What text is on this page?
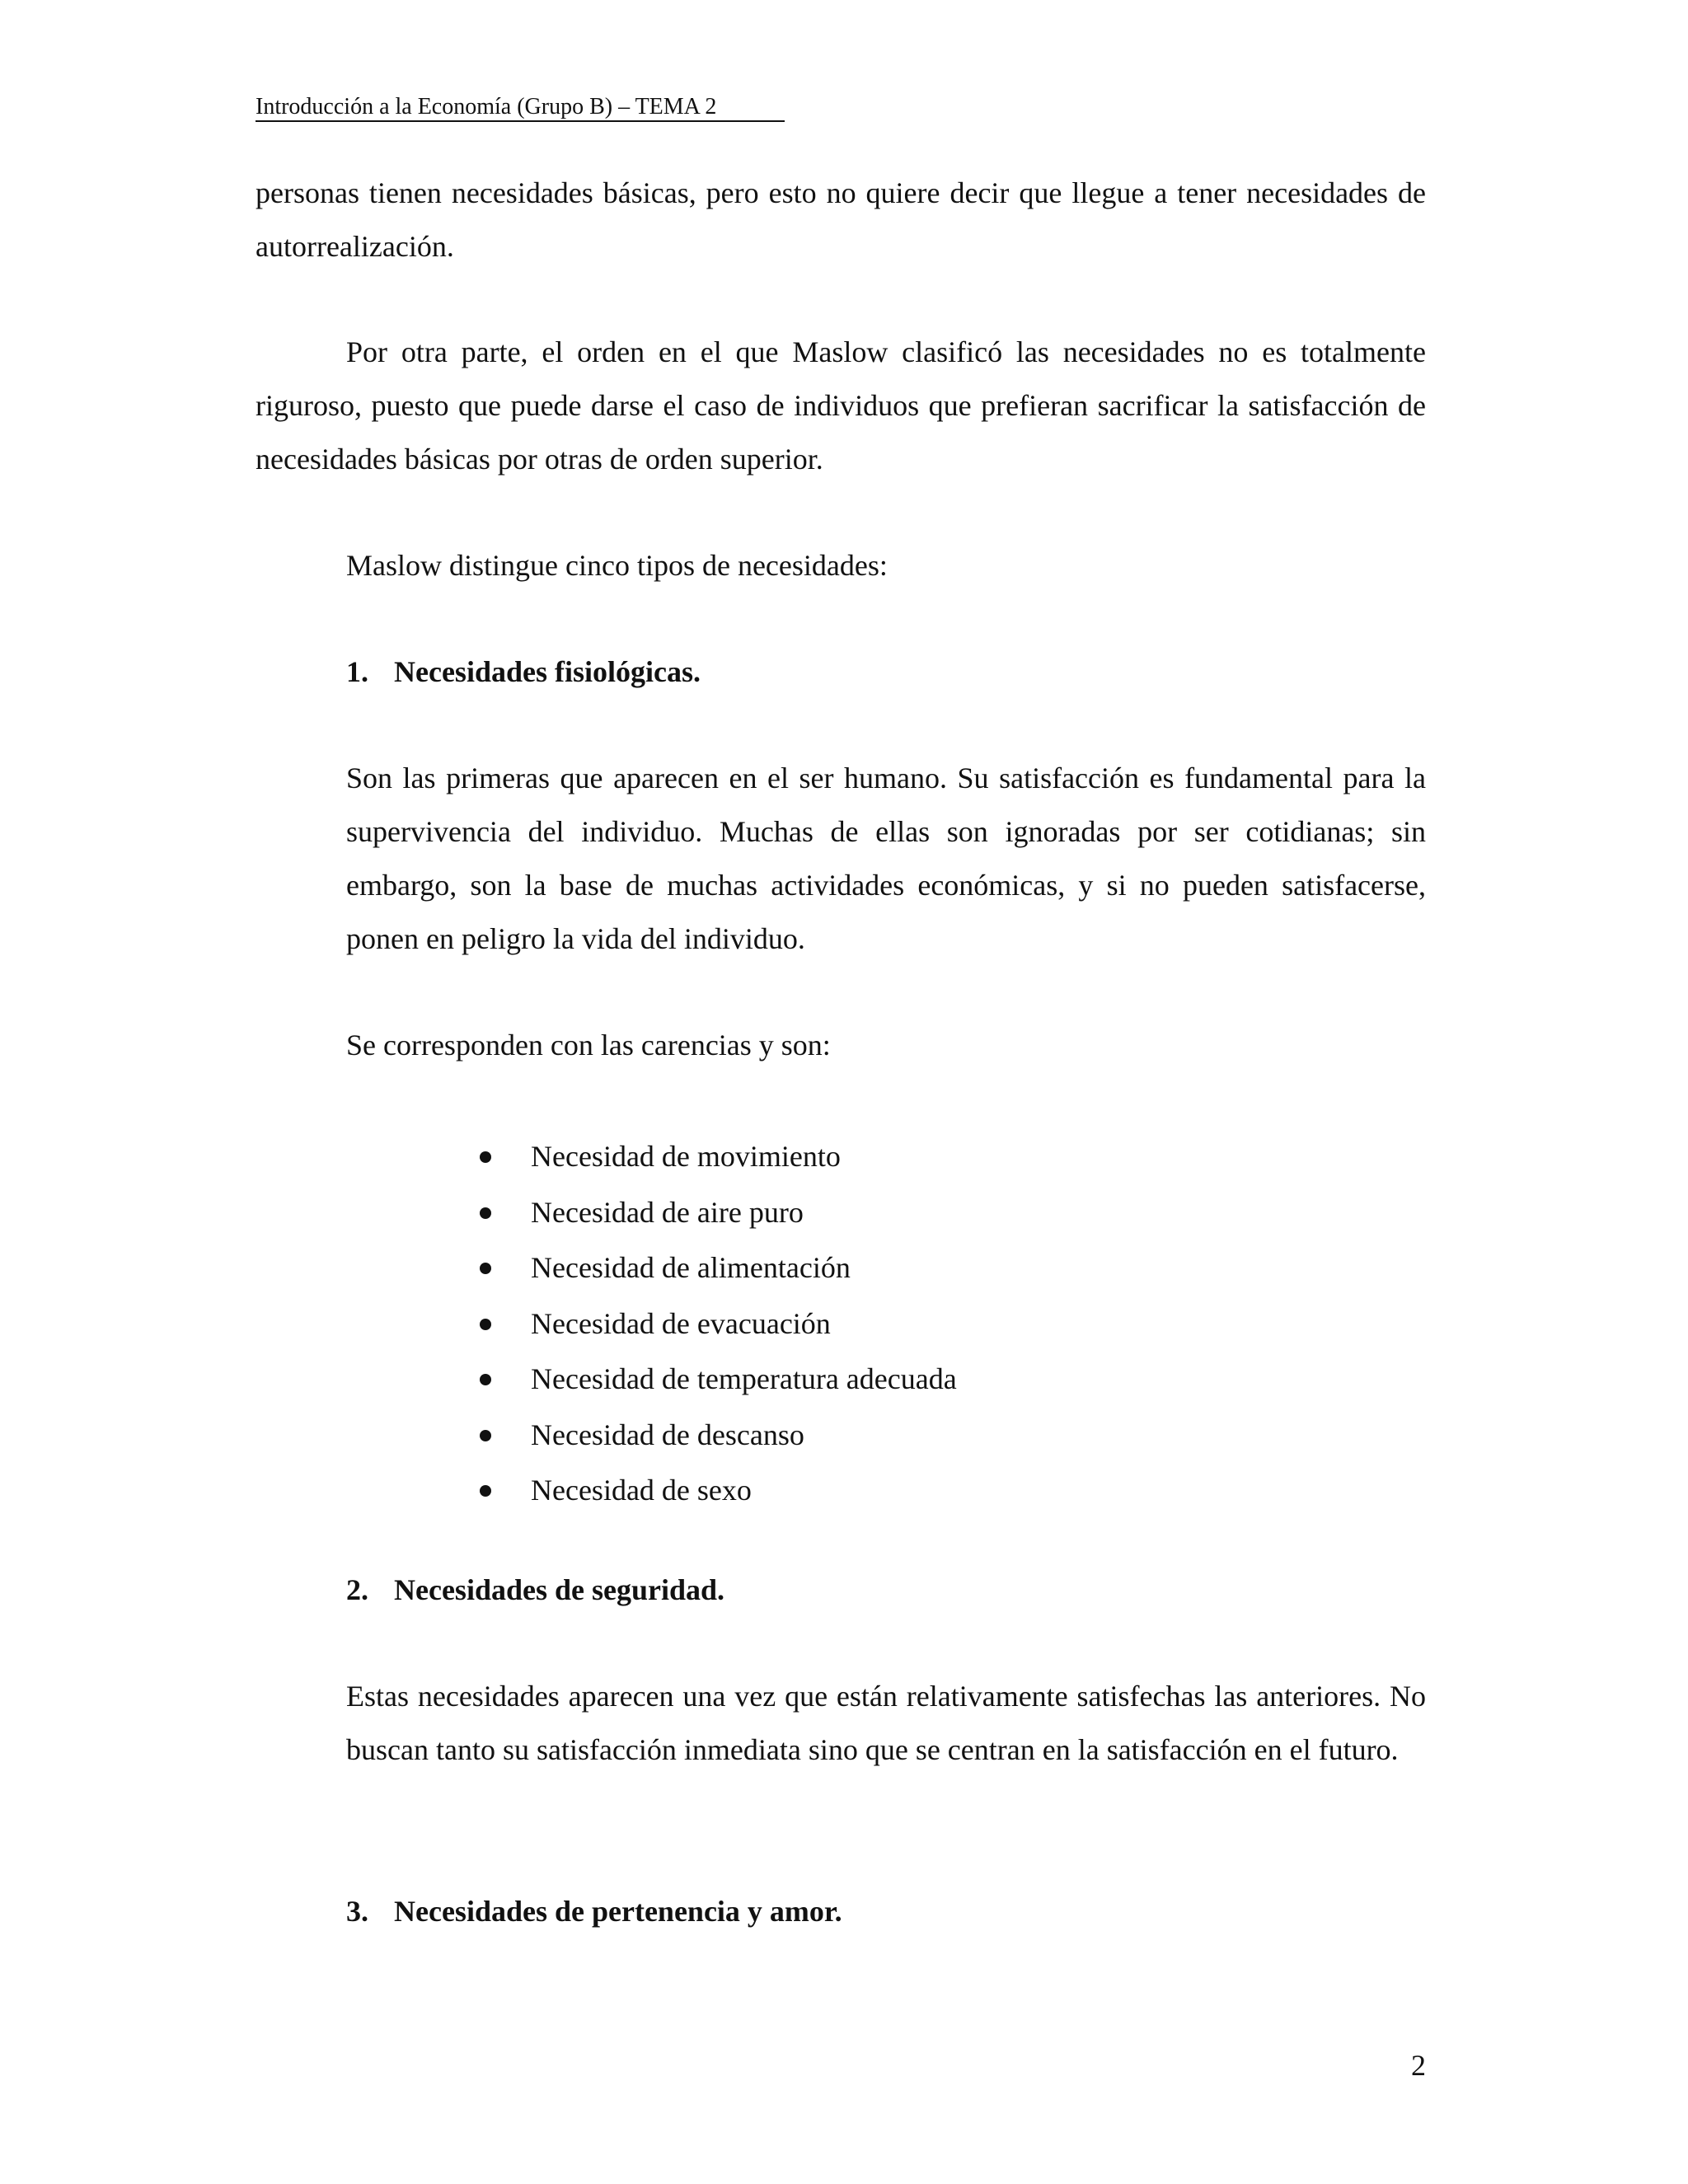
Introducción a la Economía (Grupo B) – TEMA 2

personas tienen necesidades básicas, pero esto no quiere decir que llegue a tener necesidades de autorrealización.

Por otra parte, el orden en el que Maslow clasificó las necesidades no es totalmente riguroso, puesto que puede darse el caso de individuos que prefieran sacrificar la satisfacción de necesidades básicas por otras de orden superior.

Maslow distingue cinco tipos de necesidades:

1. Necesidades fisiológicas.

Son las primeras que aparecen en el ser humano. Su satisfacción es fundamental para la supervivencia del individuo. Muchas de ellas son ignoradas por ser cotidianas; sin embargo, son la base de muchas actividades económicas, y si no pueden satisfacerse, ponen en peligro la vida del individuo.

Se corresponden con las carencias y son:

Necesidad de movimiento
Necesidad de aire puro
Necesidad de alimentación
Necesidad de evacuación
Necesidad de temperatura adecuada
Necesidad de descanso
Necesidad de sexo

2. Necesidades de seguridad.

Estas necesidades aparecen una vez que están relativamente satisfechas las anteriores. No buscan tanto su satisfacción inmediata sino que se centran en la satisfacción en el futuro.

3. Necesidades de pertenencia y amor.

2
